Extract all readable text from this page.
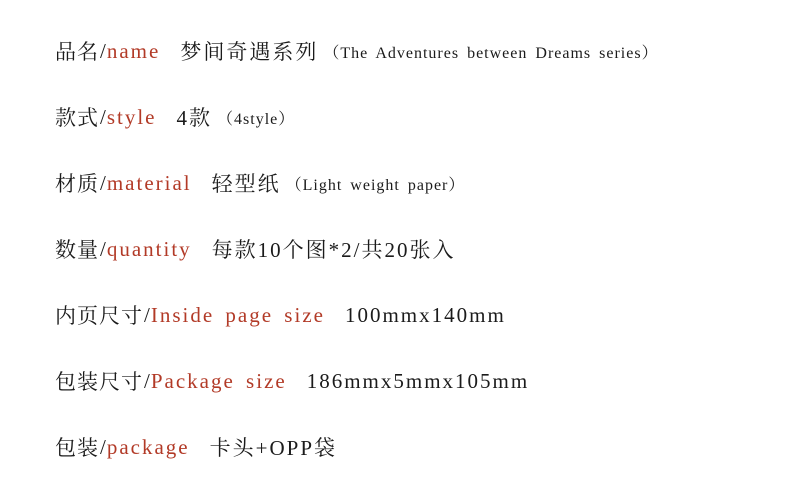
品名 / name 梦间奇遇系列 （The Adventures between Dreams series）
款式 / style 4款 （4style）
材质 / material 轻型纸 （Light weight paper）
数量 / quantity 每款10个图*2/共20张入
内页尺寸 / Inside page size 100mmx140mm
包装尺寸 / Package size 186mmx5mmx105mm
包装 / package 卡头+OPP袋
